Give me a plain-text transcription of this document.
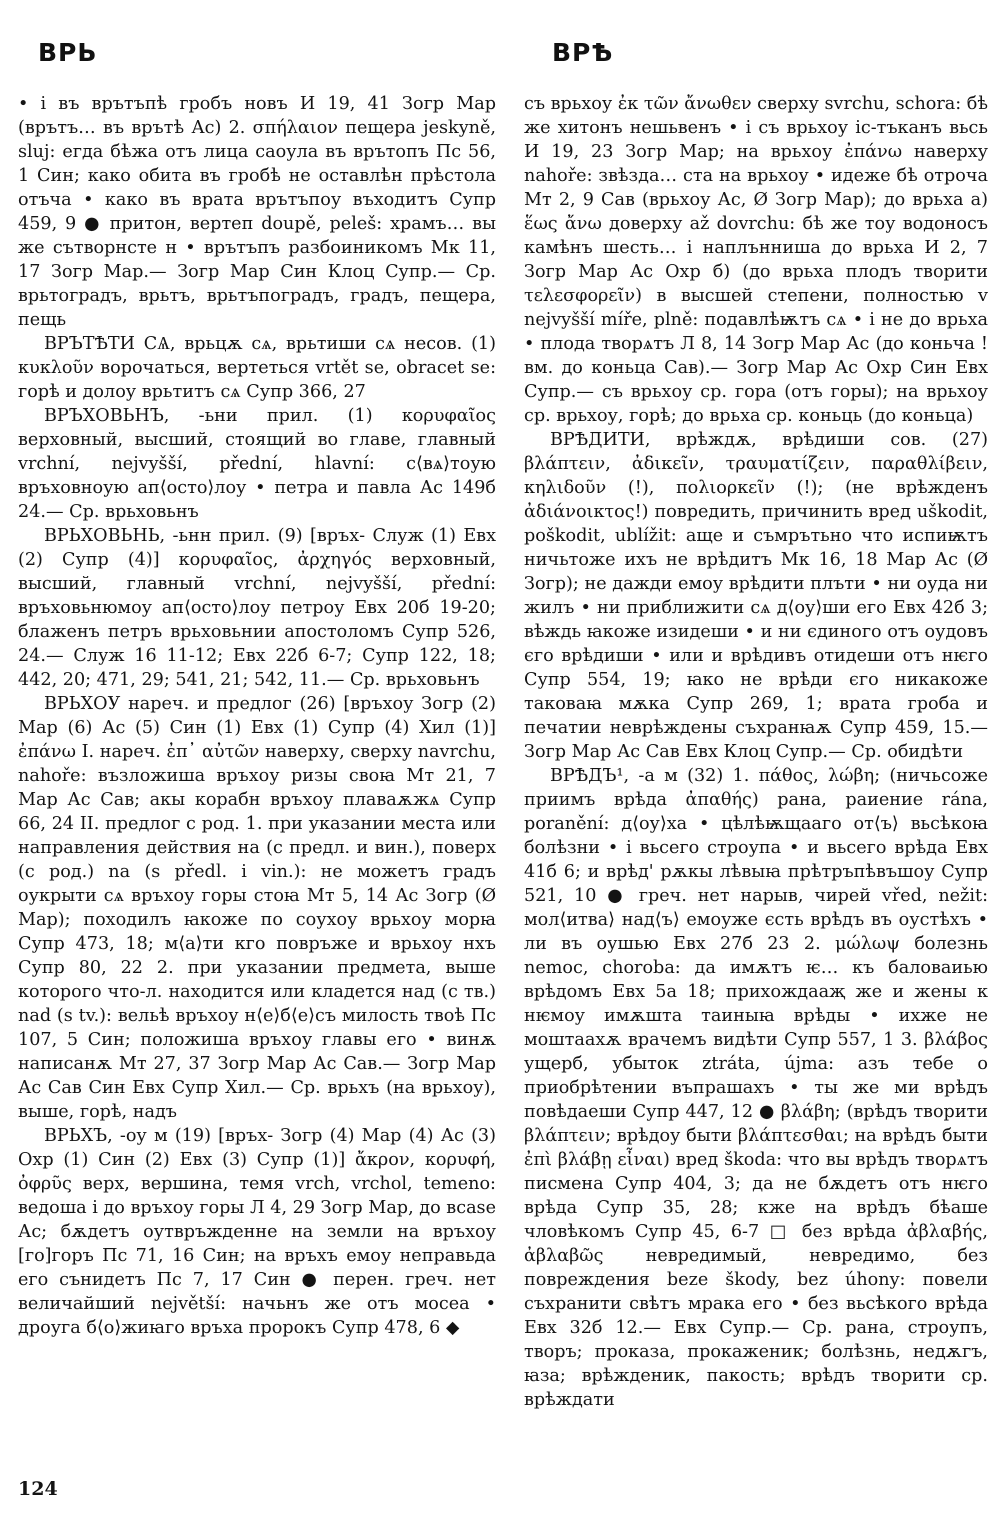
ВРЬ	ВРѢ

• і въ врътъпѣ гробъ новъ И 19, 41 Зогр Мар (врътъ… въ врътѣ Ас) 2. σπήλαιον пещера jeskyně, sluj: егда бѣжа отъ лица саоула въ врътопъ Пс 56, 1 Син; како обита въ гробѣ не оставлѣн прѣстола отъча • како въ врата врътъпоу въходитъ Супр 459, 9 ● притон, вертеп doupě, peleš: храмъ… вы же сътворнсте н • врътъпъ разбоиникомъ Мк 11, 17 Зогр Мар.— Зогр Мар Син Клоц Супр.— Ср. врьтоградъ, врьтъ, врьтъпоградъ, градъ, пещера, пещь

ВРЪТѢТИ СѦ, врьцѫ сѧ, врьтиши сѧ несов. (1) κυκλοῦν ворочаться, вертеться vrtět se, obracet se: горѣ и долоу врьтитъ сѧ Супр 366, 27

ВРЪХОВЬНЪ, -ьни прил. (1) κορυφαῖος верховный, высший, стоящий во главе, главный vrchní, nejvyšší, přední, hlavní: с⟨вѧ⟩тоую връховноую ап⟨осто⟩лоу • петра и павла Ас 149б 24.— Ср. врьховьнъ

ВРЬХОВЬНЬ, -ьнн прил. (9) [връх- Служ (1) Евх (2) Супр (4)] κορυφαῖος, ἀρχηγός верховный, высший, главный vrchní, nejvyšší, přední: връховьнюмоу ап⟨осто⟩лоу петроу Евх 20б 19-20; блаженъ петръ врьховьнии апостоломъ Супр 526, 24.— Служ 16 11-12; Евх 22б 6-7; Супр 122, 18; 442, 20; 471, 29; 541, 21; 542, 11.— Ср. врьховьнъ

ВРЬХОУ нареч. и предлог (26) [връхоу Зогр (2) Мар (6) Ас (5) Син (1) Евх (1) Супр (4) Хил (1)] ἐπάνω I. нареч. ἐπ᾿ αὐτῶν наверху, сверху navrchu, nahoře: възложиша връхоу ризы своꙗ Мт 21, 7 Мар Ас Сав; акы корабн връхоу плаваѫжѧ Супр 66, 24 II. предлог с род. 1. при указании места или направления действия на (с предл. и вин.), поверх (с род.) na (s předl. i vin.): не можетъ градъ оукрыти сѧ връхоу горы стоꙗ Мт 5, 14 Ас Зогр (Ø Мар); походилъ ꙗкоже по соухоу врьхоу морꙗ Супр 473, 18; м⟨а⟩ти кго повръже и врьхоу нхъ Супр 80, 22 2. при указании предмета, выше которого что-л. находится или кладется над (с тв.) nad (s tv.): вельѣ връхоу н⟨е⟩б⟨е⟩съ милость твоѣ Пс 107, 5 Син; положиша връхоу главы его • винѫ написанѫ Мт 27, 37 Зогр Мар Ас Сав.— Зогр Мар Ас Сав Син Евх Супр Хил.— Ср. врьхъ (на врьхоу), выше, горѣ, надъ

ВРЬХЪ, -оу м (19) [връх- Зогр (4) Мар (4) Ас (3) Охр (1) Син (2) Евх (3) Супр (1)] ἄκρον, κορυφή, ὀφρῦς верх, вершина, темя vrch, vrchol, temeno: ведоша і до връхоу горы Л 4, 29 Зогр Мар, до вcase Ас; бѫдетъ оутвръжденне на земли на връхоу [го]горъ Пс 71, 16 Син; на връхъ емоу неправьда его сънидетъ Пс 7, 17 Син ● перен. греч. нет величайший největší: начьнъ же отъ мосеа • дроуга б⟨о⟩жиꙗго връха пророкъ Супр 478, 6 ◆

съ врьхоу ἐκ τῶν ἄνωθεν сверху svrchu, schora: бѣ же хитонъ нешьвенъ • і съ врьхоу іс-тъканъ вьсь И 19, 23 Зогр Мар; на врьхоу ἐπάνω наверху nahoře: звѣзда… ста на врьхоу • идеже бѣ отроча Мт 2, 9 Сав (врьхоу Ас, Ø Зогр Мар); до врьха а) ἕως ἄνω доверху až dovrchu: бѣ же тоу водоносъ камѣнъ шесть… і наплънниша до врьха И 2, 7 Зогр Мар Ас Охр б) (до врьха плодъ творити τελεσφορεῖν) в высшей степени, полностью v nejvyšší míře, plně: подавлѣѭтъ сѧ • і не до врьха • плода творѧтъ Л 8, 14 Зогр Мар Ас (до коньча ! вм. до коньца Сав).— Зогр Мар Ас Охр Син Евх Супр.— съ врьхоу ср. гора (отъ горы); на врьхоу ср. врьхоу, горѣ; до врьха ср. коньць (до коньца)

ВРѢДИТИ, врѣждѫ, врѣдиши сов. (27) βλάπτειν, ἀδικεῖν, τραυματίζειν, παραθλίβειν, κηλιδοῦν (!), πολιορκεῖν (!); (не врѣжденъ ἀδιάνοικτος!) повредить, причинить вред uškodit, poškodit, ublížit: аще и съмрътьно что испиѭтъ ничьтоже ихъ не врѣдитъ Мк 16, 18 Мар Ас (Ø Зогр); не дажди емоу врѣдити плъти • ни оуда ни жилъ • ни приближити сѧ д⟨оу⟩ши его Евх 42б 3; вѣждь ꙗкоже изидеши • и ни єдиного отъ оудовъ єго врѣдиши • или и врѣдивъ отидеши отъ нѥго Супр 554, 19; ꙗко не врѣди єго никакоже таковаꙗ мѫка Супр 269, 1; врата гроба и печатии неврѣждены съхранꙗѫ Супр 459, 15.— Зогр Мар Ас Сав Евх Клоц Супр.— Ср. обидѣти

ВРѢДЪ¹, -а м (32) 1. πάθος, λώβη; (ничьсоже приимъ врѣда ἀπαθής) рана, раиение rána, poranění: д⟨оу⟩ха • цѣлѣѭщааго от⟨ъ⟩ вьсѣкоꙗ болѣзни • і вьсего строупа • и вьсего врѣда Евх 41б 6; и врѣд' рѫкы лѣвыꙗ прѣтръпѣвъшоу Супр 521, 10 ● греч. нет нарыв, чирей vřed, nežit: мол⟨итва⟩ над⟨ъ⟩ емоуже єсть врѣдъ въ оустѣхъ • ли въ оушью Евх 27б 23 2. μώλωψ болезнь nemoc, choroba: да имѫтъ ѥ… къ баловаиью врѣдомъ Евх 5а 18; прихождааҗ же и жены к нѥмоу имѫшта таиныꙗ врѣды • ихже не моштаахѫ врачемъ видѣти Супр 557, 1 3. βλάβος ущерб, убыток ztráta, újma: азъ тебе о приобрѣтении въпрашахъ • ты же ми врѣдъ повѣдаеши Супр 447, 12 ● βλάβη; (врѣдъ творити βλάπτειν; врѣдоу быти βλάπτεσθαι; на врѣдъ быти ἐπὶ βλάβῃ εἶναι) вред škoda: что вы врѣдъ творѧтъ писмена Супр 404, 3; да не бѫдетъ отъ нѥго врѣда Супр 35, 28; кже на врѣдъ бѣаше чловѣкомъ Супр 45, 6-7 □ без врѣда ἀβλαβής, ἀβλαβῶς невредимый, невредимо, без повреждения beze škody, bez úhony: повели съхранити свѣтъ мрака его • без вьсѣкого врѣда Евх 32б 12.— Евх Супр.— Ср. рана, строупъ, творъ; проказа, прокаженик; болѣзнь, недѫгъ, ꙗза; врѣжденик, пакость; врѣдъ творити ср. врѣждати

124
